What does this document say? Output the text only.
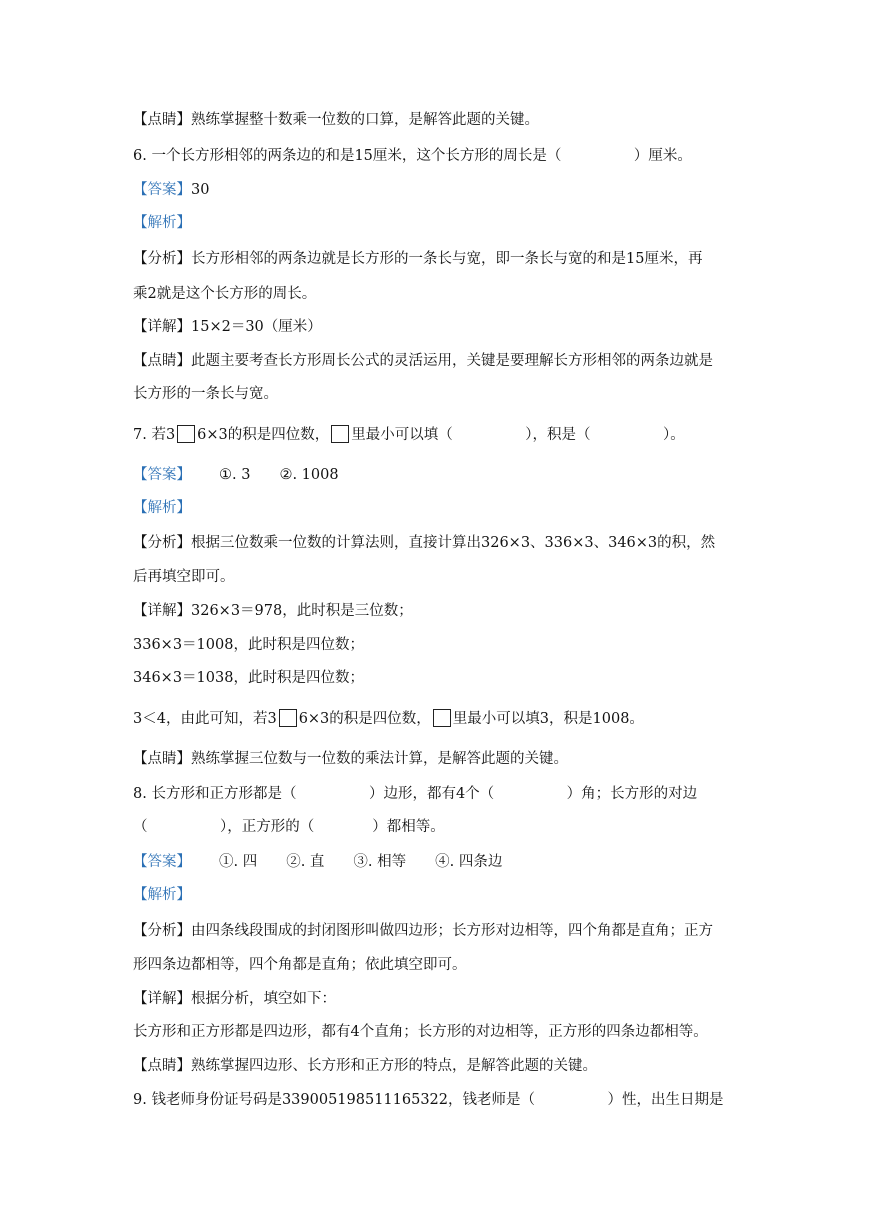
【点睛】熟练掌握整十数乘一位数的口算，是解答此题的关键。
6. 一个长方形相邻的两条边的和是15厘米，这个长方形的周长是（　　　　　）厘米。
【答案】30
【解析】
【分析】长方形相邻的两条边就是长方形的一条长与宽，即一条长与宽的和是15厘米，再
乘2就是这个长方形的周长。
【详解】15×2＝30（厘米）
【点睛】此题主要考查长方形周长公式的灵活运用，关键是要理解长方形相邻的两条边就是
长方形的一条长与宽。
7. 若3 6×3的积是四位数， 里最小可以填（　　　　　），积是（　　　　　）。
【答案】 ①. 3　　②. 1008
【解析】
【分析】根据三位数乘一位数的计算法则，直接计算出326×3、336×3、346×3的积，然
后再填空即可。
【详解】326×3＝978，此时积是三位数；
336×3＝1008，此时积是四位数；
346×3＝1038，此时积是四位数；
3＜4，由此可知，若3 6×3的积是四位数， 里最小可以填3，积是1008。
【点睛】熟练掌握三位数与一位数的乘法计算，是解答此题的关键。
8. 长方形和正方形都是（　　　　　）边形，都有4个（　　　　　）角；长方形的对边
（　　　　　），正方形的（　　　　）都相等。
【答案】 ①. 四　　②. 直　　③. 相等　　④. 四条边
【解析】
【分析】由四条线段围成的封闭图形叫做四边形；长方形对边相等，四个角都是直角；正方
形四条边都相等，四个角都是直角；依此填空即可。
【详解】根据分析，填空如下：
长方形和正方形都是四边形，都有4个直角；长方形的对边相等，正方形的四条边都相等。
【点睛】熟练掌握四边形、长方形和正方形的特点，是解答此题的关键。
9. 钱老师身份证号码是339005198511165322，钱老师是（　　　　　）性，出生日期是
